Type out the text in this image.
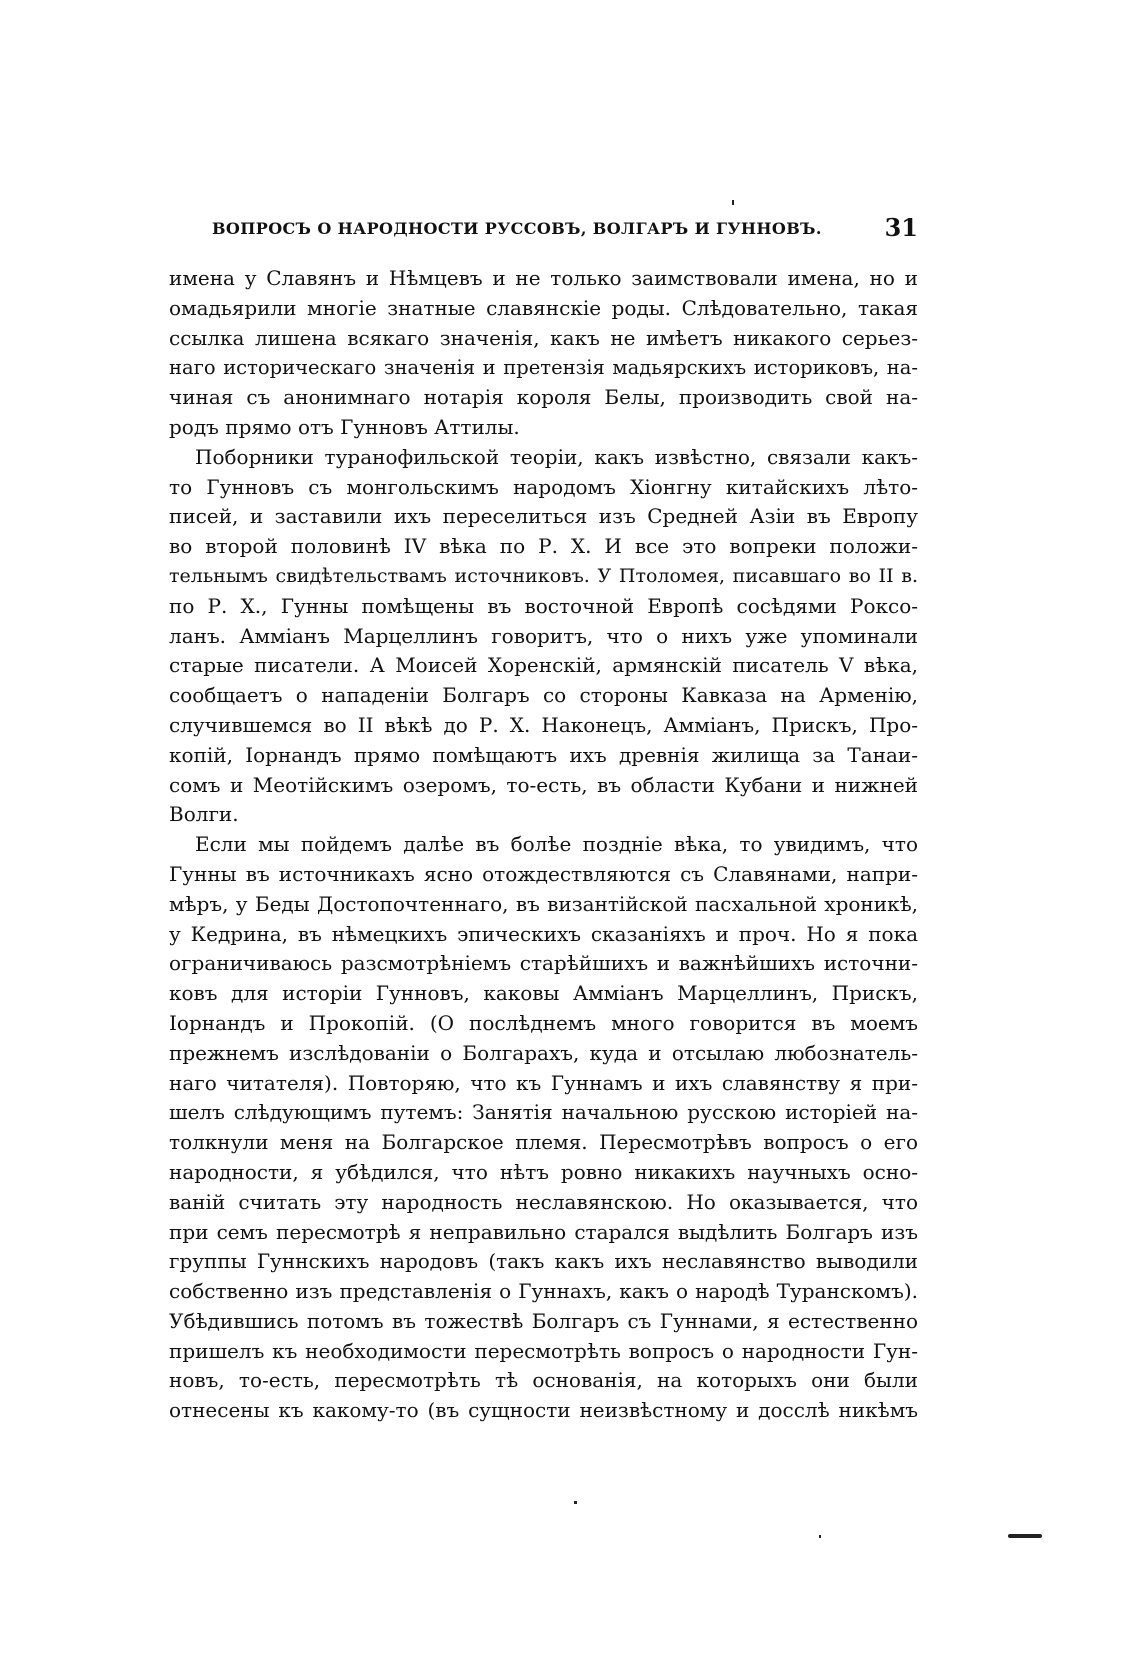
ВОПРОСЪ О НАРОДНОСТИ РУССОВЪ, ВОЛГАРЪ И ГУННОВЪ.	31
имена у Славянъ и Нѣмцевъ и не только заимствовали имена, но и
омадьярили многіе знатные славянскіе роды. Слѣдовательно, такая
ссылка лишена всякаго значенія, какъ не имѣетъ никакого серьез-
наго историческаго значенія и претензія мадьярскихъ историковъ, на-
чиная съ анонимнаго нотарія короля Белы, производить свой на-
родъ прямо отъ Гунновъ Аттилы.
Поборники туранофильской теоріи, какъ извѣстно, связали какъ-
то Гунновъ съ монгольскимъ народомъ Хіонгну китайскихъ лѣто-
писей, и заставили ихъ переселиться изъ Средней Азіи въ Европу
во второй половинѣ IV вѣка по Р. Х. И все это вопреки положи-
тельнымъ свидѣтельствамъ источниковъ. У Птоломея, писавшаго во II в.
по Р. Х., Гунны помѣщены въ восточной Европѣ сосѣдями Роксо-
ланъ. Амміанъ Марцеллинъ говоритъ, что о нихъ уже упоминали
старые писатели. А Моисей Хоренскій, армянскій писатель V вѣка,
сообщаетъ о нападеніи Болгаръ со стороны Кавказа на Арменію,
случившемся во II вѣкѣ до Р. Х. Наконецъ, Амміанъ, Прискъ, Про-
копій, Іорнандъ прямо помѣщаютъ ихъ древнія жилища за Танаи-
сомъ и Меотійскимъ озеромъ, то-есть, въ области Кубани и нижней
Волги.
Если мы пойдемъ далѣе въ болѣе поздніе вѣка, то увидимъ, что
Гунны въ источникахъ ясно отождествляются съ Славянами, напри-
мѣръ, у Беды Достопочтеннаго, въ византійской пасхальной хроникѣ,
у Кедрина, въ нѣмецкихъ эпическихъ сказаніяхъ и проч. Но я пока
ограничиваюсь разсмотрѣніемъ старѣйшихъ и важнѣйшихъ источни-
ковъ для исторіи Гунновъ, каковы Амміанъ Марцеллинъ, Прискъ,
Іорнандъ и Прокопій. (О послѣднемъ много говорится въ моемъ
прежнемъ изслѣдованіи о Болгарахъ, куда и отсылаю любознатель-
наго читателя). Повторяю, что къ Гуннамъ и ихъ славянству я при-
шелъ слѣдующимъ путемъ: Занятія начальною русскою исторіей на-
толкнули меня на Болгарское племя. Пересмотрѣвъ вопросъ о его
народности, я убѣдился, что нѣтъ ровно никакихъ научныхъ осно-
ваній считать эту народность неславянскою. Но оказывается, что
при семъ пересмотрѣ я неправильно старался выдѣлить Болгаръ изъ
группы Гуннскихъ народовъ (такъ какъ ихъ неславянство выводили
собственно изъ представленія о Гуннахъ, какъ о народѣ Туранскомъ).
Убѣдившись потомъ въ тожествѣ Болгаръ съ Гуннами, я естественно
пришелъ къ необходимости пересмотрѣть вопросъ о народности Гун-
новъ, то-есть, пересмотрѣть тѣ основанія, на которыхъ они были
отнесены къ какому-то (въ сущности неизвѣстному и досслѣ никѣмъ
